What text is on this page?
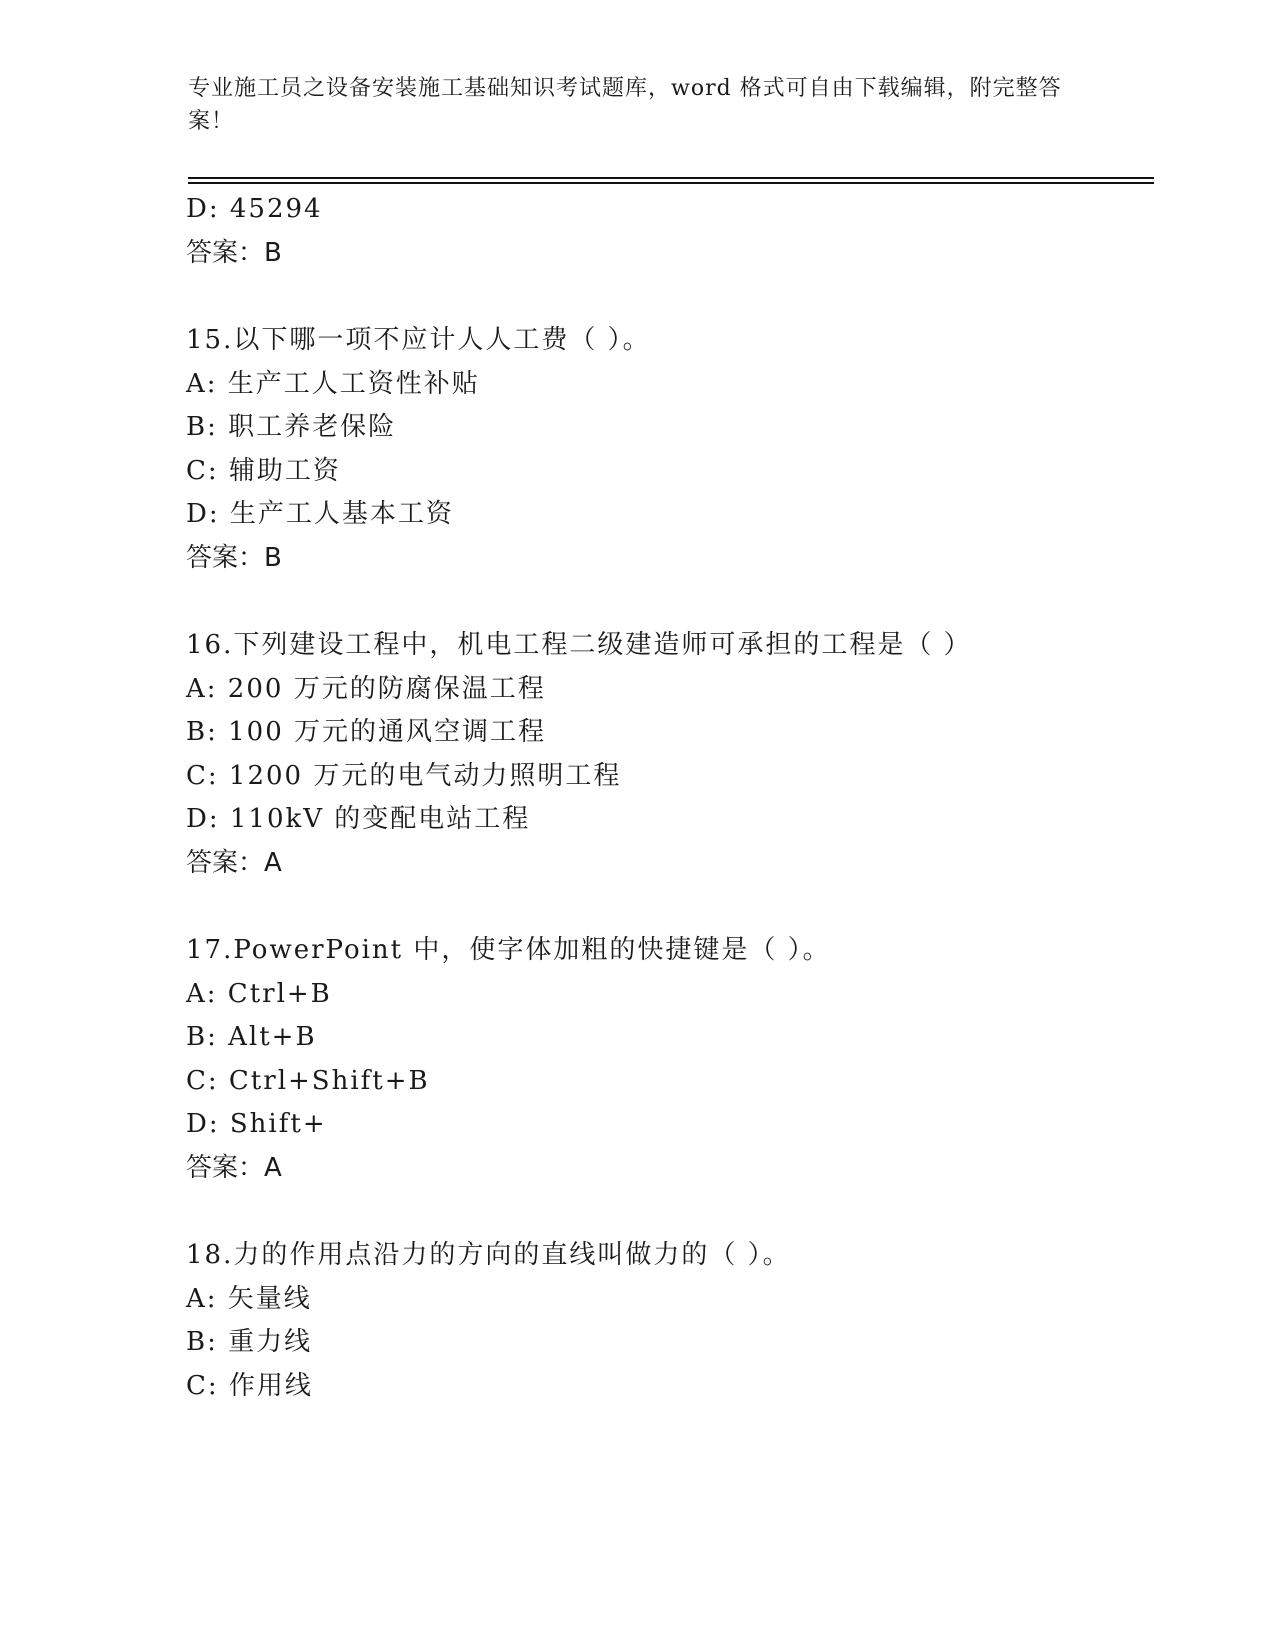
专业施工员之设备安装施工基础知识考试题库，word 格式可自由下载编辑，附完整答案！
D: 45294
答案：B
15.以下哪一项不应计人人工费（ ）。
A: 生产工人工资性补贴
B: 职工养老保险
C: 辅助工资
D: 生产工人基本工资
答案：B
16.下列建设工程中，机电工程二级建造师可承担的工程是（ ）
A: 200 万元的防腐保温工程
B: 100 万元的通风空调工程
C: 1200 万元的电气动力照明工程
D: 110kV 的变配电站工程
答案：A
17.PowerPoint 中，使字体加粗的快捷键是（ ）。
A: Ctrl+B
B: Alt+B
C: Ctrl+Shift+B
D: Shift+
答案：A
18.力的作用点沿力的方向的直线叫做力的（ ）。
A: 矢量线
B: 重力线
C: 作用线
